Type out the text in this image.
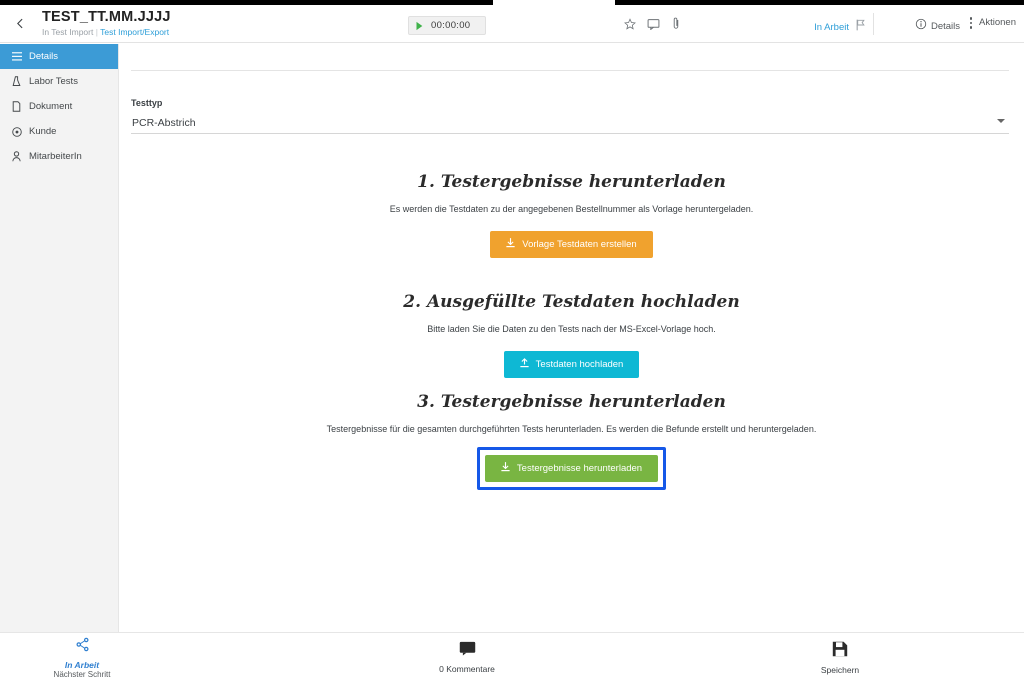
TEST_TT.MM.JJJJ
In Test Import | Test Import/Export
00:00:00	In Arbeit	Details Aktionen
Details
Labor Tests
Dokument
Kunde
MitarbeiterIn
Testtyp
PCR-Abstrich
1. Testergebnisse herunterladen
Es werden die Testdaten zu der angegebenen Bestellnummer als Vorlage heruntergeladen.
Vorlage Testdaten erstellen
2. Ausgefüllte Testdaten hochladen
Bitte laden Sie die Daten zu den Tests nach der MS-Excel-Vorlage hoch.
Testdaten hochladen
3. Testergebnisse herunterladen
Testergebnisse für die gesamten durchgeführten Tests herunterladen. Es werden die Befunde erstellt und heruntergeladen.
Testergebnisse herunterladen
In Arbeit
Nächster Schritt	0 Kommentare	Speichern
